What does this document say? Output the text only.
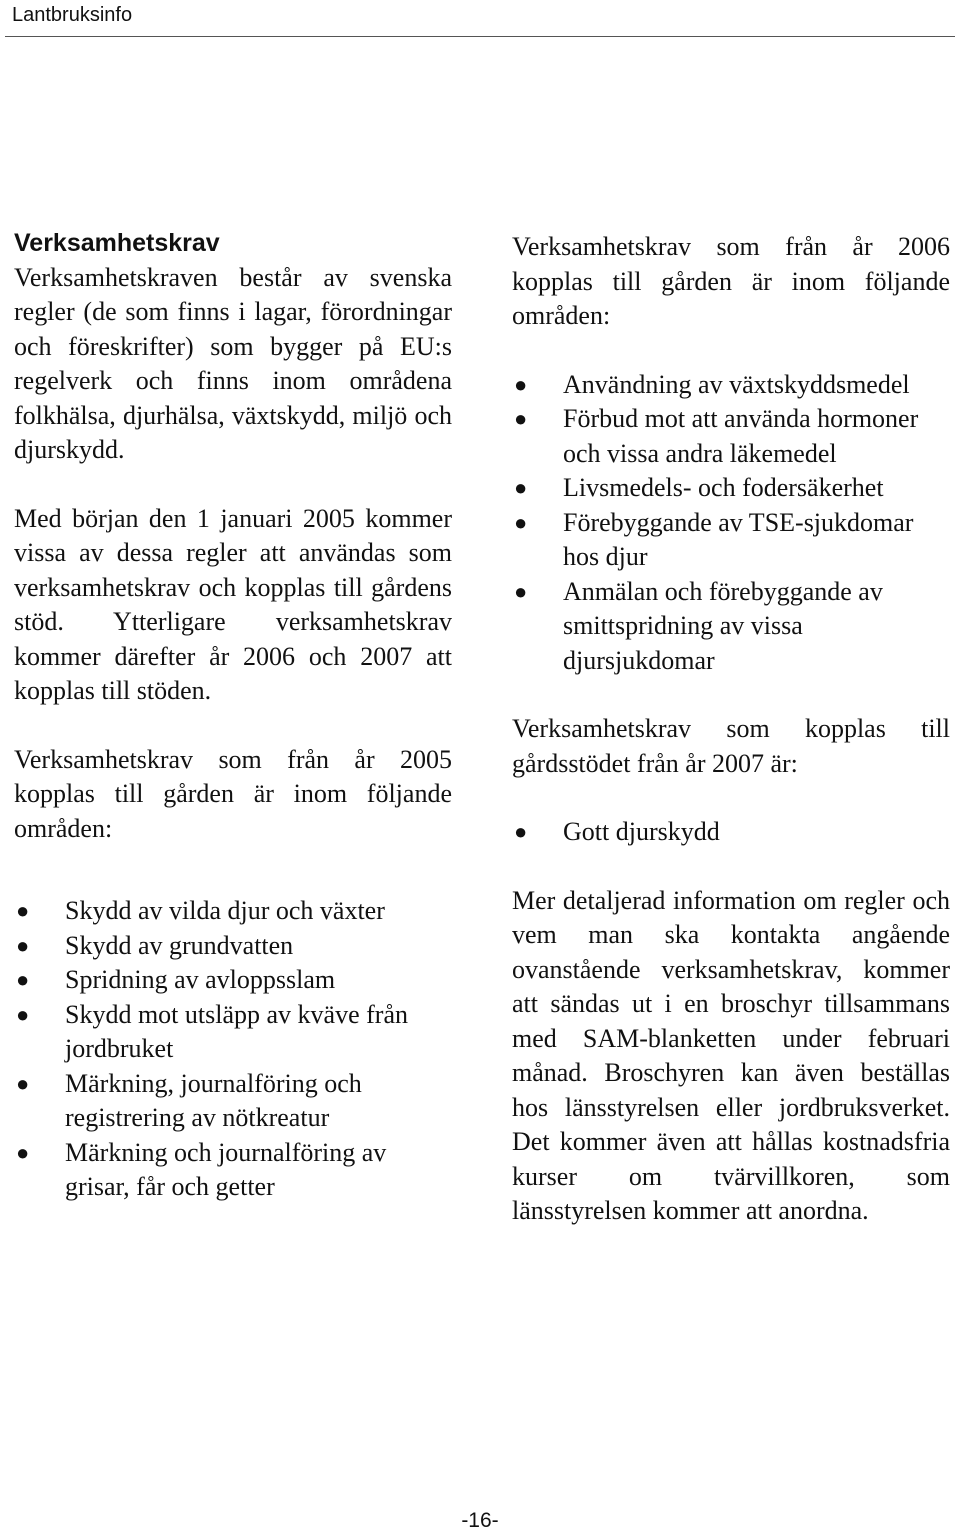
Lantbruksinfo
Verksamhetskrav

Verksamhetskraven består av svenska regler (de som finns i lagar, förordningar och föreskrifter) som bygger på EU:s regelverk och finns inom områdena folkhälsa, djurhälsa, växtskydd, miljö och djurskydd.

Med början den 1 januari 2005 kommer vissa av dessa regler att användas som verksamhetskrav och kopplas till gårdens stöd. Ytterligare verksamhetskrav kommer därefter år 2006 och 2007 att kopplas till stöden.

Verksamhetskrav som från år 2005 kopplas till gården är inom följande områden:

● Skydd av vilda djur och växter
● Skydd av grundvatten
● Spridning av avloppsslam
● Skydd mot utsläpp av kväve från jordbruket
● Märkning, journalföring och registrering av nötkreatur
● Märkning och journalföring av grisar, får och getter

Verksamhetskrav som från år 2006 kopplas till gården är inom följande områden:

● Användning av växtskyddsmedel
● Förbud mot att använda hormoner och vissa andra läkemedel
● Livsmedels- och fodersäkerhet
● Förebyggande av TSE-sjukdomar hos djur
● Anmälan och förebyggande av smittspridning av vissa djursjukdomar

Verksamhetskrav som kopplas till gårdsstödet från år 2007 är:

● Gott djurskydd

Mer detaljerad information om regler och vem man ska kontakta angående ovanstående verksamhetskrav, kommer att sändas ut i en broschyr tillsammans med SAM-blanketten under februari månad. Broschyren kan även beställas hos länsstyrelsen eller jordbruksverket. Det kommer även att hållas kostnadsfria kurser om tvärvillkoren, som länsstyrelsen kommer att anordna.

-16-
